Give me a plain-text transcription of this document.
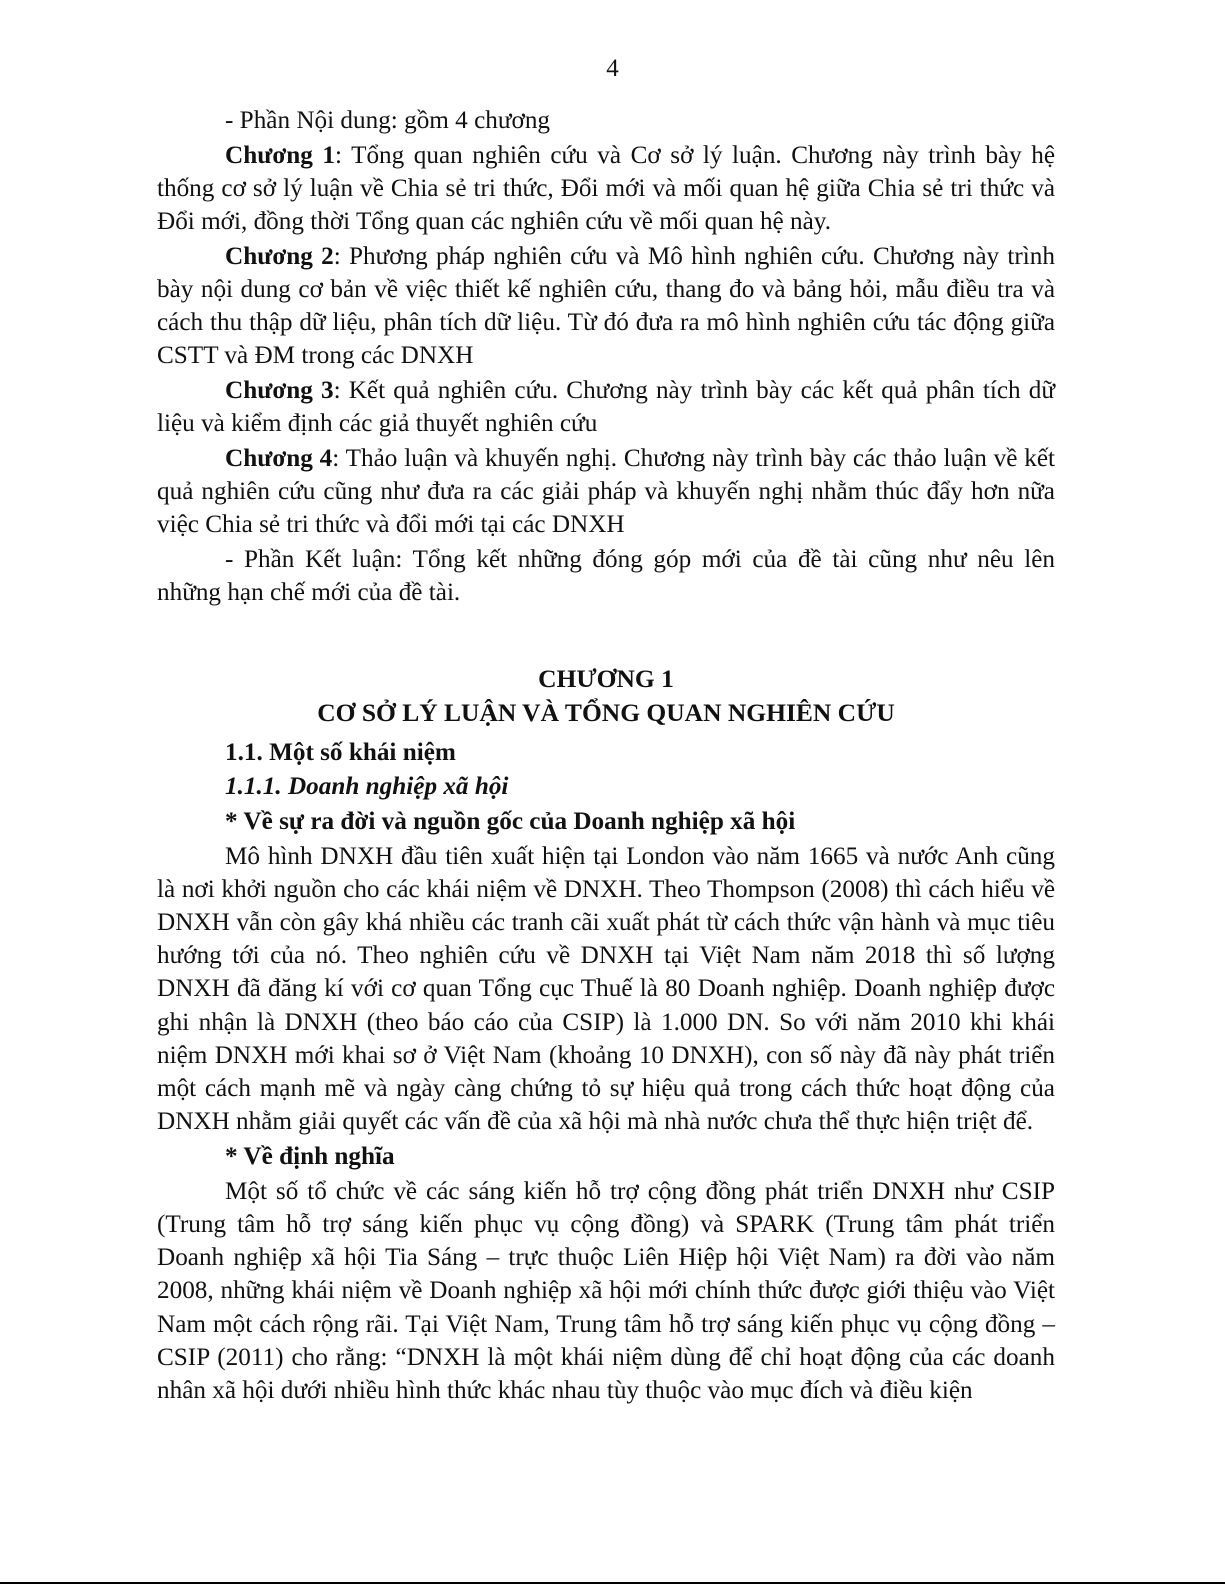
4

- Phần Nội dung: gồm 4 chương

Chương 1: Tổng quan nghiên cứu và Cơ sở lý luận. Chương này trình bày hệ thống cơ sở lý luận về Chia sẻ tri thức, Đổi mới và mối quan hệ giữa Chia sẻ tri thức và Đổi mới, đồng thời Tổng quan các nghiên cứu về mối quan hệ này.

Chương 2: Phương pháp nghiên cứu và Mô hình nghiên cứu. Chương này trình bày nội dung cơ bản về việc thiết kế nghiên cứu, thang đo và bảng hỏi, mẫu điều tra và cách thu thập dữ liệu, phân tích dữ liệu. Từ đó đưa ra mô hình nghiên cứu tác động giữa CSTT và ĐM trong các DNXH

Chương 3: Kết quả nghiên cứu. Chương này trình bày các kết quả phân tích dữ liệu và kiểm định các giả thuyết nghiên cứu

Chương 4: Thảo luận và khuyến nghị. Chương này trình bày các thảo luận về kết quả nghiên cứu cũng như đưa ra các giải pháp và khuyến nghị nhằm thúc đẩy hơn nữa việc Chia sẻ tri thức và đổi mới tại các DNXH

- Phần Kết luận: Tổng kết những đóng góp mới của đề tài cũng như nêu lên những hạn chế mới của đề tài.

CHƯƠNG 1
CƠ SỞ LÝ LUẬN VÀ TỔNG QUAN NGHIÊN CỨU

1.1. Một số khái niệm

1.1.1. Doanh nghiệp xã hội

* Về sự ra đời và nguồn gốc của Doanh nghiệp xã hội

Mô hình DNXH đầu tiên xuất hiện tại London vào năm 1665 và nước Anh cũng là nơi khởi nguồn cho các khái niệm về DNXH. Theo Thompson (2008) thì cách hiểu về DNXH vẫn còn gây khá nhiều các tranh cãi xuất phát từ cách thức vận hành và mục tiêu hướng tới của nó. Theo nghiên cứu về DNXH tại Việt Nam năm 2018 thì số lượng DNXH đã đăng kí với cơ quan Tổng cục Thuế là 80 Doanh nghiệp. Doanh nghiệp được ghi nhận là DNXH (theo báo cáo của CSIP) là 1.000 DN. So với năm 2010 khi khái niệm DNXH mới khai sơ ở Việt Nam (khoảng 10 DNXH), con số này đã này phát triển một cách mạnh mẽ và ngày càng chứng tỏ sự hiệu quả trong cách thức hoạt động của DNXH nhằm giải quyết các vấn đề của xã hội mà nhà nước chưa thể thực hiện triệt để.

* Về định nghĩa

Một số tổ chức về các sáng kiến hỗ trợ cộng đồng phát triển DNXH như CSIP (Trung tâm hỗ trợ sáng kiến phục vụ cộng đồng) và SPARK (Trung tâm phát triển Doanh nghiệp xã hội Tia Sáng – trực thuộc Liên Hiệp hội Việt Nam) ra đời vào năm 2008, những khái niệm về Doanh nghiệp xã hội mới chính thức được giới thiệu vào Việt Nam một cách rộng rãi. Tại Việt Nam, Trung tâm hỗ trợ sáng kiến phục vụ cộng đồng – CSIP (2011) cho rằng: “DNXH là một khái niệm dùng để chỉ hoạt động của các doanh nhân xã hội dưới nhiều hình thức khác nhau tùy thuộc vào mục đích và điều kiện
